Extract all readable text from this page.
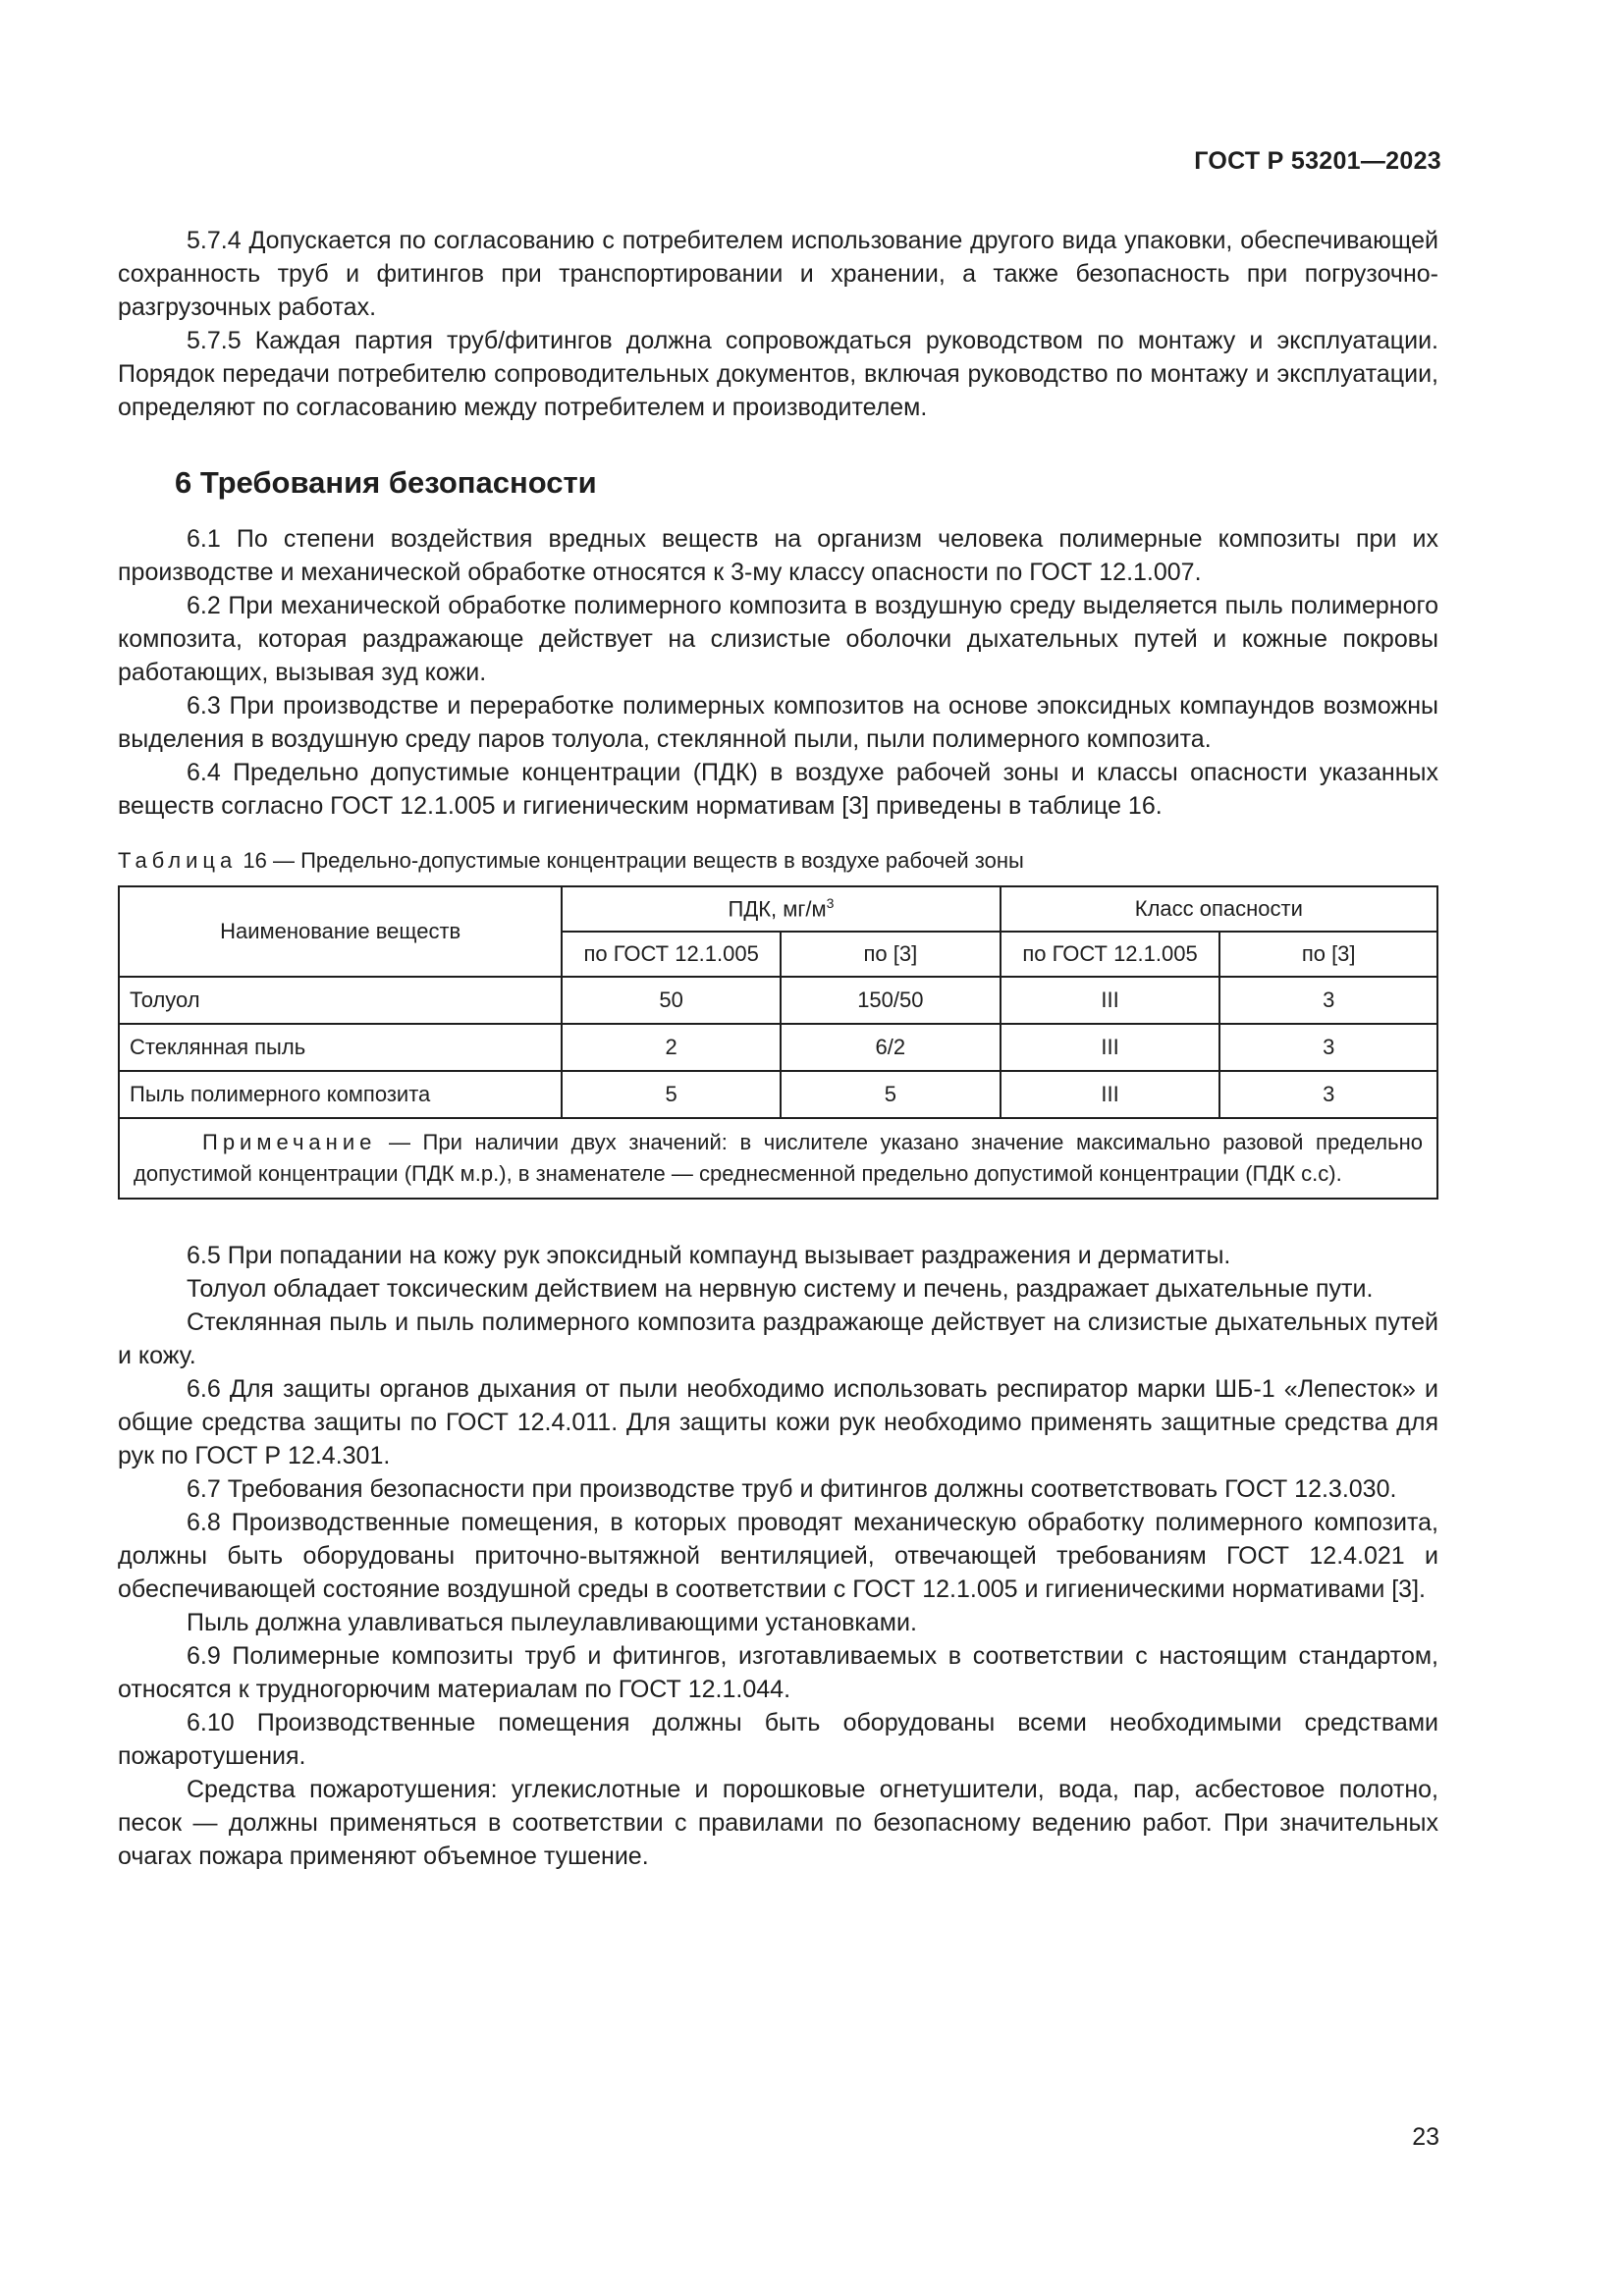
ГОСТ Р 53201—2023

5.7.4 Допускается по согласованию с потребителем использование другого вида упаковки, обеспечивающей сохранность труб и фитингов при транспортировании и хранении, а также безопасность при погрузочно-разгрузочных работах.

5.7.5 Каждая партия труб/фитингов должна сопровождаться руководством по монтажу и эксплуатации. Порядок передачи потребителю сопроводительных документов, включая руководство по монтажу и эксплуатации, определяют по согласованию между потребителем и производителем.

6 Требования безопасности

6.1 По степени воздействия вредных веществ на организм человека полимерные композиты при их производстве и механической обработке относятся к 3-му классу опасности по ГОСТ 12.1.007.

6.2 При механической обработке полимерного композита в воздушную среду выделяется пыль полимерного композита, которая раздражающе действует на слизистые оболочки дыхательных путей и кожные покровы работающих, вызывая зуд кожи.

6.3 При производстве и переработке полимерных композитов на основе эпоксидных компаундов возможны выделения в воздушную среду паров толуола, стеклянной пыли, пыли полимерного композита.

6.4 Предельно допустимые концентрации (ПДК) в воздухе рабочей зоны и классы опасности указанных веществ согласно ГОСТ 12.1.005 и гигиеническим нормативам [3] приведены в таблице 16.

Таблица 16 — Предельно-допустимые концентрации веществ в воздухе рабочей зоны
Наименование веществ	ПДК, $мг/м^3$		Класс опасности	
	по ГОСТ 12.1.005	по [3]	по ГОСТ 12.1.005	по [3]
Толуол	50	150/50	III	3
Стеклянная пыль	2	6/2	III	3
Пыль полимерного композита	5	5	III	3
Примечание — При наличии двух значений: в числителе указано значение максимально разовой предельно допустимой концентрации (ПДК м.р.), в знаменателе — среднесменной предельно допустимой концентрации (ПДК с.с).				

6.5 При попадании на кожу рук эпоксидный компаунд вызывает раздражения и дерматиты.

Толуол обладает токсическим действием на нервную систему и печень, раздражает дыхательные пути.

Стеклянная пыль и пыль полимерного композита раздражающе действует на слизистые дыхательных путей и кожу.

6.6 Для защиты органов дыхания от пыли необходимо использовать респиратор марки ШБ-1 «Лепесток» и общие средства защиты по ГОСТ 12.4.011. Для защиты кожи рук необходимо применять защитные средства для рук по ГОСТ Р 12.4.301.

6.7 Требования безопасности при производстве труб и фитингов должны соответствовать ГОСТ 12.3.030.

6.8 Производственные помещения, в которых проводят механическую обработку полимерного композита, должны быть оборудованы приточно-вытяжной вентиляцией, отвечающей требованиям ГОСТ 12.4.021 и обеспечивающей состояние воздушной среды в соответствии с ГОСТ 12.1.005 и гигиеническими нормативами [3].

Пыль должна улавливаться пылеулавливающими установками.

6.9 Полимерные композиты труб и фитингов, изготавливаемых в соответствии с настоящим стандартом, относятся к трудногорючим материалам по ГОСТ 12.1.044.

6.10 Производственные помещения должны быть оборудованы всеми необходимыми средствами пожаротушения.

Средства пожаротушения: углекислотные и порошковые огнетушители, вода, пар, асбестовое полотно, песок — должны применяться в соответствии с правилами по безопасному ведению работ. При значительных очагах пожара применяют объемное тушение.

23
